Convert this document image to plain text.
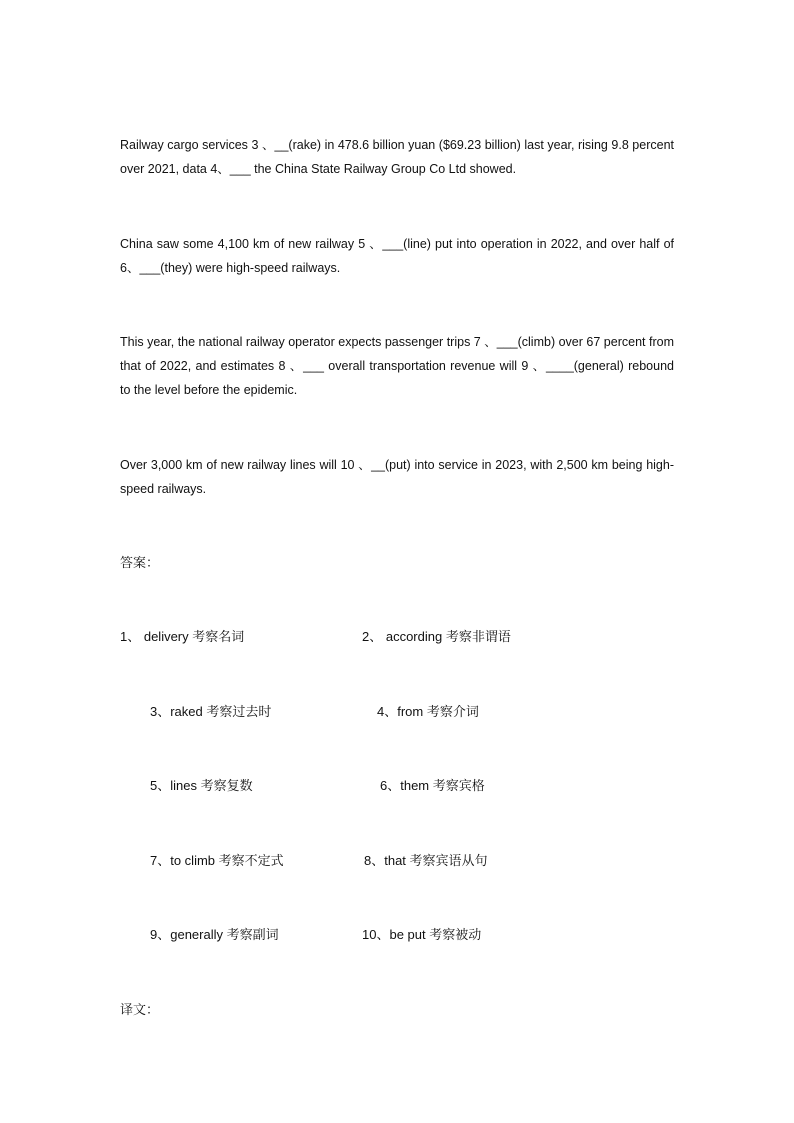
Railway cargo services 3 、__(rake) in 478.6 billion yuan ($69.23 billion) last year, rising 9.8 percent over 2021, data 4、___ the China State Railway Group Co Ltd showed.

China saw some 4,100 km of new railway 5 、___(line) put into operation in 2022, and over half of 6、___(they) were high-speed railways.

This year, the national railway operator expects passenger trips 7 、___(climb) over 67 percent from that of 2022, and estimates 8 、___ overall transportation revenue will 9 、____(general) rebound to the level before the epidemic.

Over 3,000 km of new railway lines will 10 、__(put) into service in 2023, with 2,500 km being high-speed railways.

答案：

1、 delivery 考察名词	2、 according 考察非谓语

3、raked 考察过去时	4、from 考察介词

5、lines 考察复数	6、them 考察宾格

7、to climb 考察不定式	8、that 考察宾语从句

9、generally 考察副词	10、be put 考察被动

译文：
